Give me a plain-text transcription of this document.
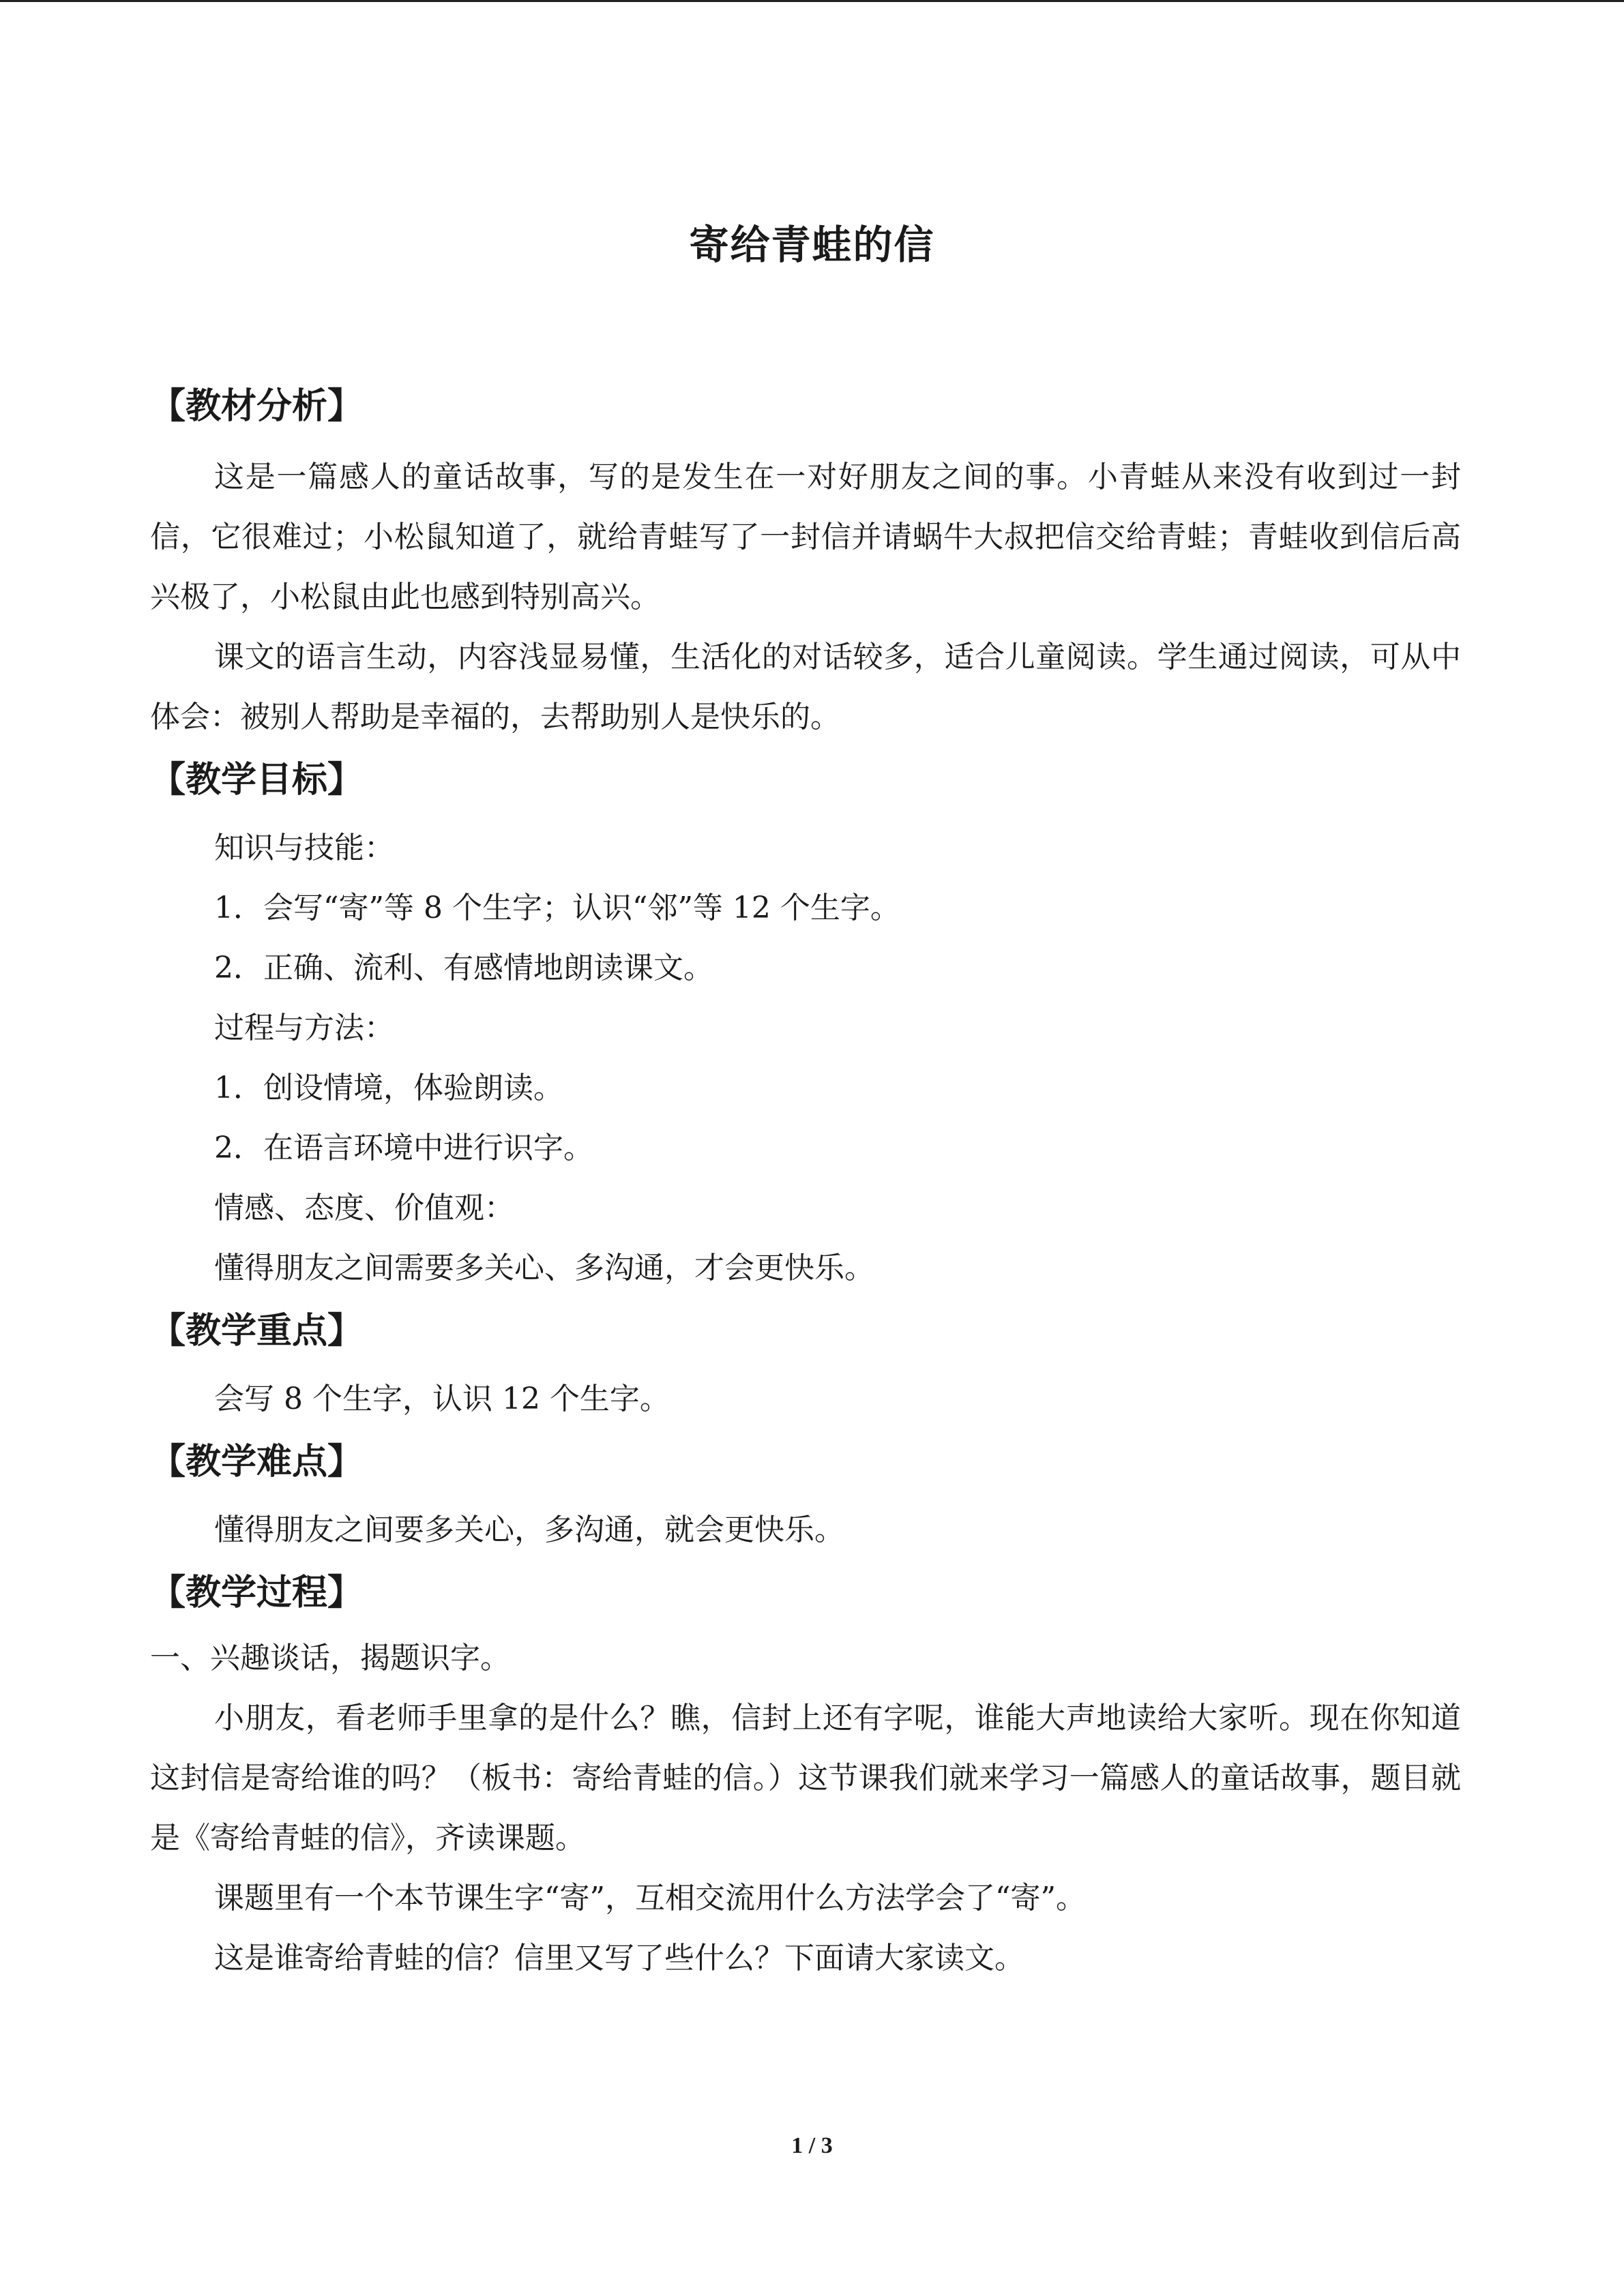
寄给青蛙的信
【教材分析】
这是一篇感人的童话故事，写的是发生在一对好朋友之间的事。小青蛙从来没有收到过一封信，它很难过；小松鼠知道了，就给青蛙写了一封信并请蜗牛大叔把信交给青蛙；青蛙收到信后高兴极了，小松鼠由此也感到特别高兴。
课文的语言生动，内容浅显易懂，生活化的对话较多，适合儿童阅读。学生通过阅读，可从中体会：被别人帮助是幸福的，去帮助别人是快乐的。
【教学目标】
知识与技能：
1．会写“寄”等 8 个生字；认识“邻”等 12 个生字。
2．正确、流利、有感情地朗读课文。
过程与方法：
1．创设情境，体验朗读。
2．在语言环境中进行识字。
情感、态度、价值观：
懂得朋友之间需要多关心、多沟通，才会更快乐。
【教学重点】
会写 8 个生字，认识 12 个生字。
【教学难点】
懂得朋友之间要多关心，多沟通，就会更快乐。
【教学过程】
一、兴趣谈话，揭题识字。
小朋友，看老师手里拿的是什么？瞧，信封上还有字呢，谁能大声地读给大家听。现在你知道这封信是寄给谁的吗？（板书：寄给青蛙的信。）这节课我们就来学习一篇感人的童话故事，题目就是《寄给青蛙的信》，齐读课题。
课题里有一个本节课生字“寄”，互相交流用什么方法学会了“寄”。
这是谁寄给青蛙的信？信里又写了些什么？下面请大家读文。
1 / 3
